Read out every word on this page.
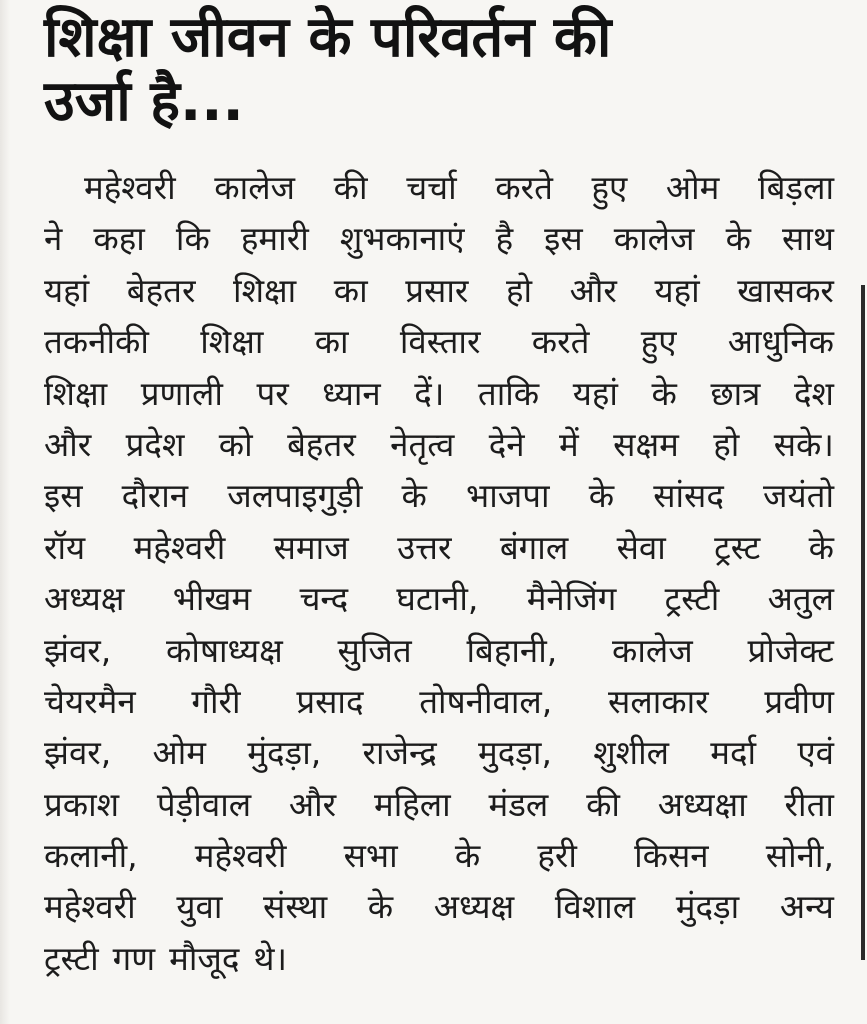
शिक्षा जीवन के परिवर्तन की
उर्जा है...
महेश्वरी कालेज की चर्चा करते हुए ओम बिड़ला
ने कहा कि हमारी शुभकानाएं है इस कालेज के साथ
यहां बेहतर शिक्षा का प्रसार हो और यहां खासकर
तकनीकी शिक्षा का विस्तार करते हुए आधुनिक
शिक्षा प्रणाली पर ध्यान दें। ताकि यहां के छात्र देश
और प्रदेश को बेहतर नेतृत्व देने में सक्षम हो सके।
इस दौरान जलपाइगुड़ी के भाजपा के सांसद जयंतो
रॉय महेश्वरी समाज उत्तर बंगाल सेवा ट्रस्ट के
अध्यक्ष भीखम चन्द घटानी, मैनेजिंग ट्रस्टी अतुल
झंवर, कोषाध्यक्ष सुजित बिहानी, कालेज प्रोजेक्ट
चेयरमैन गौरी प्रसाद तोषनीवाल, सलाकार प्रवीण
झंवर, ओम मुंदड़ा, राजेन्द्र मुदड़ा, शुशील मर्दा एवं
प्रकाश पेड़ीवाल और महिला मंडल की अध्यक्षा रीता
कलानी, महेश्वरी सभा के हरी किसन सोनी,
महेश्वरी युवा संस्था के अध्यक्ष विशाल मुंदड़ा अन्य
ट्रस्टी गण मौजूद थे।
